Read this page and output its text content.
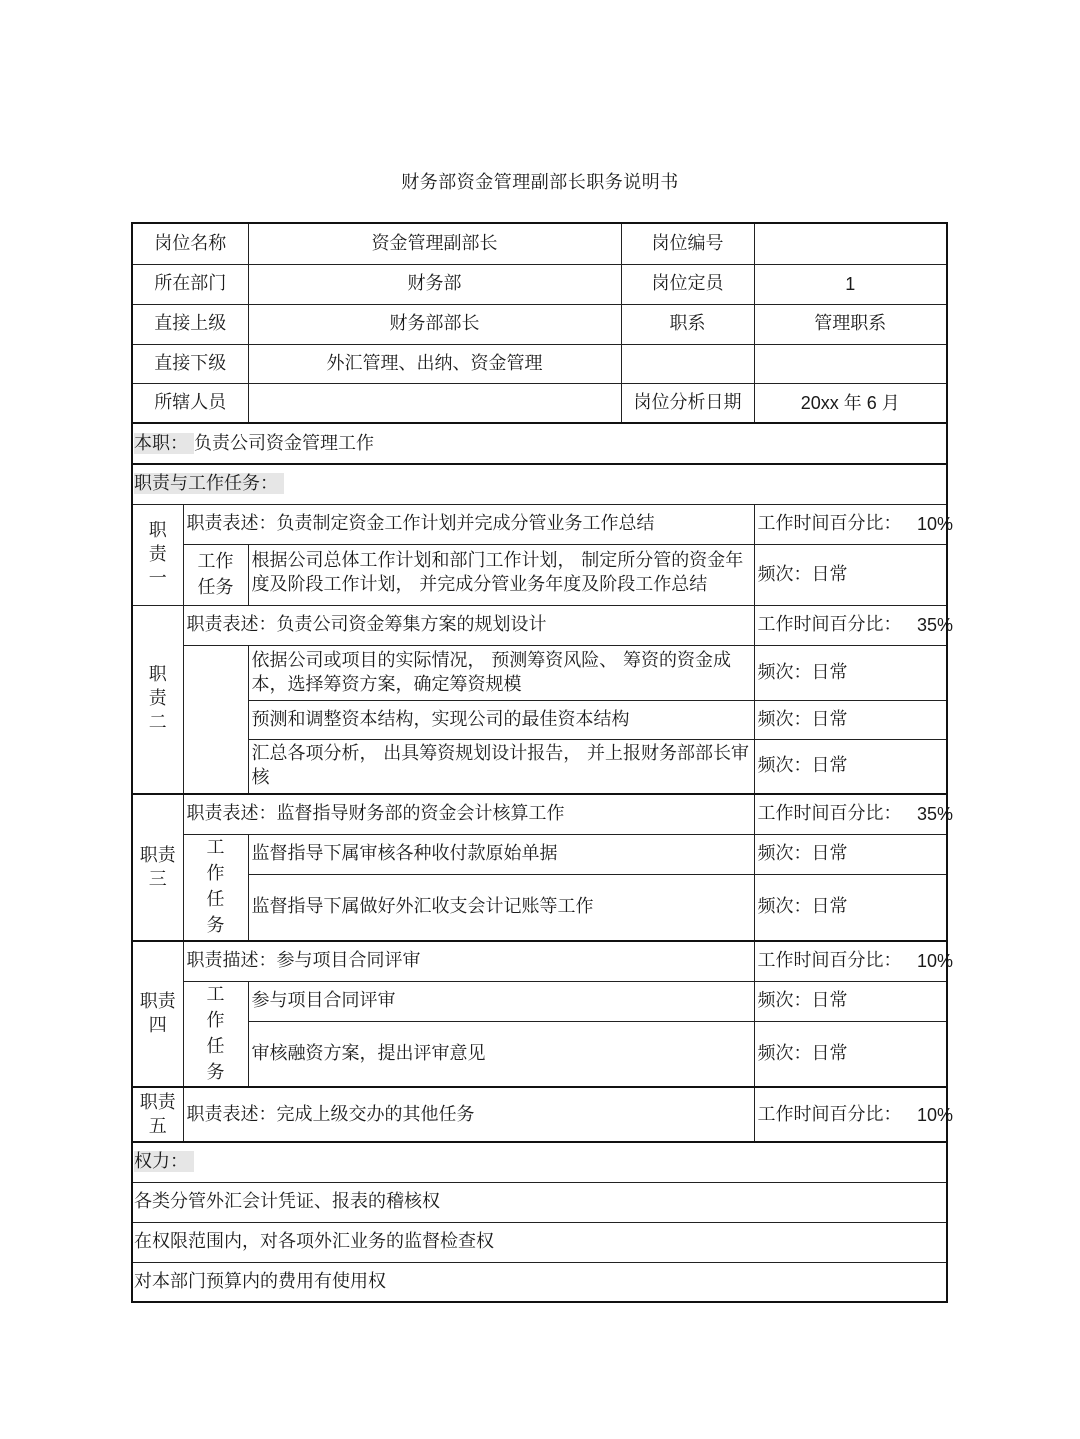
财务部资金管理副部长职务说明书
岗位名称		资金管理副部长	岗位编号	
所在部门		财务部	岗位定员	1
直接上级		财务部部长	职系	管理职系
直接下级		外汇管理、出纳、资金管理		
所辖人员			岗位分析日期	20xx 年 6 月
本职： 负责公司资金管理工作				
职责与工作任务：				
职责一	职责表述：负责制定资金工作计划并完成分管业务工作总结			工作时间百分比： 10%

	工作任务	根据公司总体工作计划和部门工作计划， 制定所分管的资金年度及阶段工作计划， 并完成分管业务年度及阶段工作总结		频次：日常
职责二	职责表述：负责公司资金筹集方案的规划设计			工作时间百分比： 35%

		依据公司或项目的实际情况， 预测筹资风险、 筹资的资金成本，选择筹资方案，确定筹资规模		频次：日常
		预测和调整资本结构，实现公司的最佳资本结构		频次：日常
		汇总各项分析， 出具筹资规划设计报告， 并上报财务部部长审核		频次：日常
职责三	职责表述：监督指导财务部的资金会计核算工作			工作时间百分比： 35%

	工作任务	监督指导下属审核各种收付款原始单据		频次：日常
		监督指导下属做好外汇收支会计记账等工作		频次：日常
职责四	职责描述：参与项目合同评审			工作时间百分比： 10%

	工作任务	参与项目合同评审		频次：日常
		审核融资方案，提出评审意见		频次：日常
职责五	职责表述：完成上级交办的其他任务			工作时间百分比： 10%

权力：				
各类分管外汇会计凭证、报表的稽核权				
在权限范围内，对各项外汇业务的监督检查权				
对本部门预算内的费用有使用权				
